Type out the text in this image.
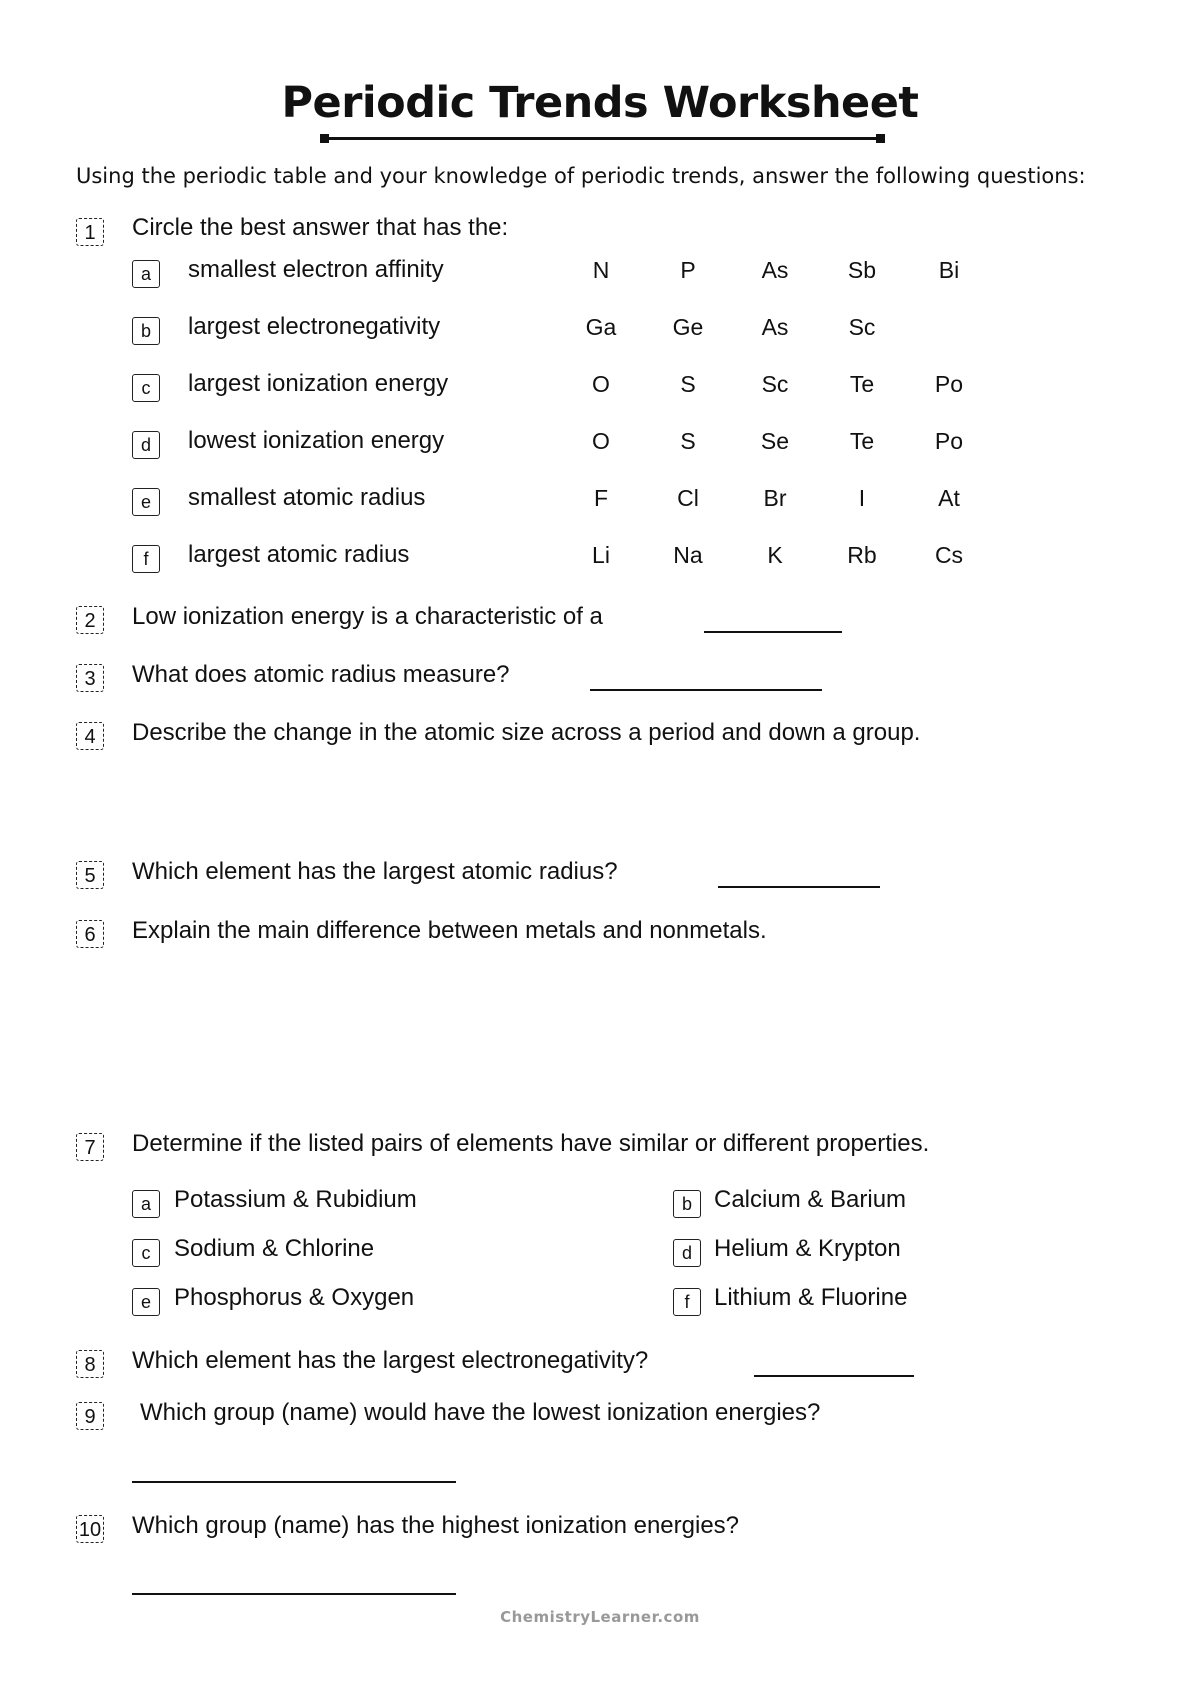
Periodic Trends Worksheet
Using the periodic table and your knowledge of periodic trends, answer the following questions:
1	Circle the best answer that has the:
a	smallest electron affinity	N	P	As	Sb	Bi
b	largest electronegativity	Ga	Ge	As	Sc
c	largest ionization energy	O	S	Sc	Te	Po
d	lowest ionization energy	O	S	Se	Te	Po
e	smallest atomic radius	F	Cl	Br	I	At
f	largest atomic radius	Li	Na	K	Rb	Cs
2	Low ionization energy is a characteristic of a
3	What does atomic radius measure?
4	Describe the change in the atomic size across a period and down a group.
5	Which element has the largest atomic radius?
6	Explain the main difference between metals and nonmetals.
7	Determine if the listed pairs of elements have similar or different properties.
a Potassium & Rubidium	b Calcium & Barium
c Sodium & Chlorine	d Helium & Krypton
e Phosphorus & Oxygen	f	Lithium & Fluorine
8	Which element has the largest electronegativity?
9	Which group (name) would have the lowest ionization energies?
10 Which group (name) has the highest ionization energies?
ChemistryLearner.com
